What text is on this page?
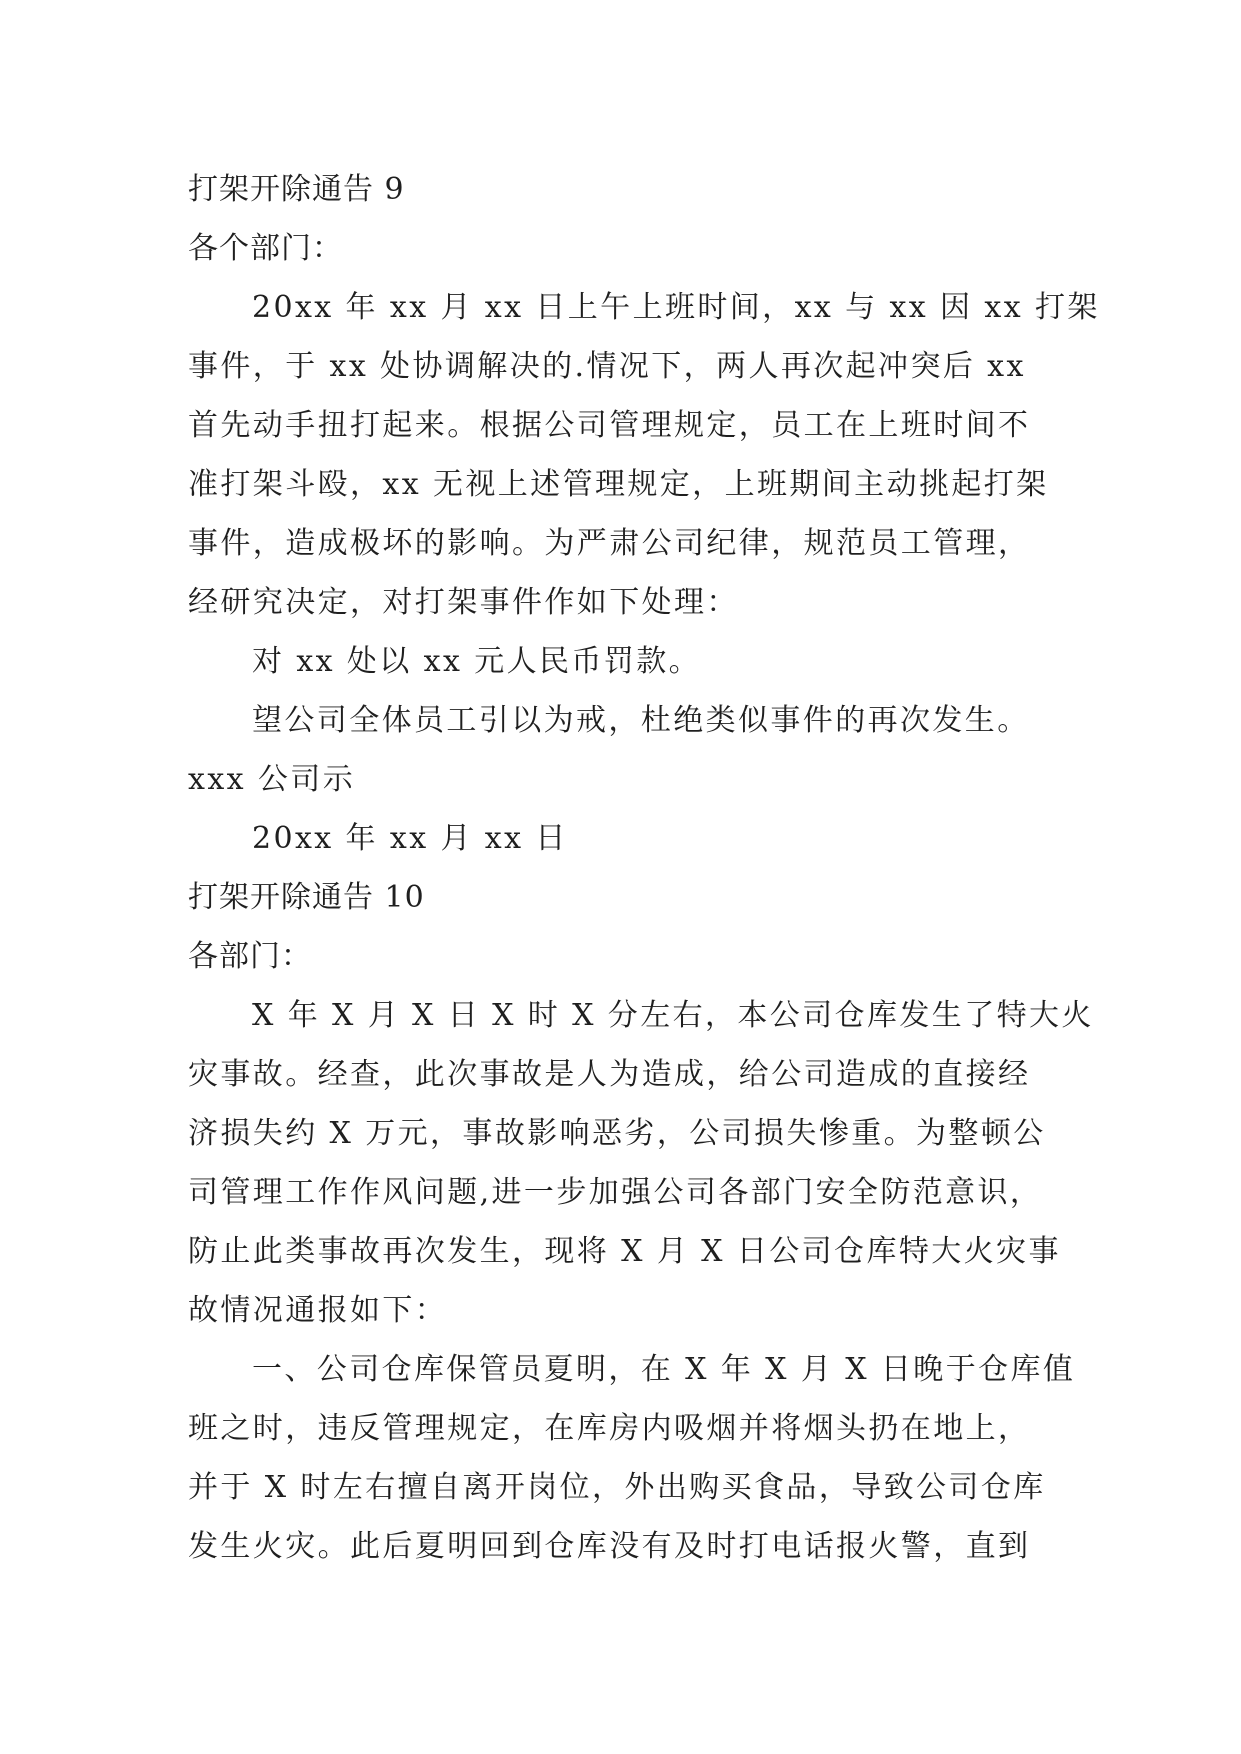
打架开除通告 9
各个部门：
20xx 年 xx 月 xx 日上午上班时间，xx 与 xx 因 xx 打架
事件，于 xx 处协调解决的.情况下，两人再次起冲突后 xx
首先动手扭打起来。根据公司管理规定，员工在上班时间不
准打架斗殴，xx 无视上述管理规定，上班期间主动挑起打架
事件，造成极坏的影响。为严肃公司纪律，规范员工管理，
经研究决定，对打架事件作如下处理：
对 xx 处以 xx 元人民币罚款。
望公司全体员工引以为戒，杜绝类似事件的再次发生。
xxx 公司示
20xx 年 xx 月 xx 日
打架开除通告 10
各部门：
X 年 X 月 X 日 X 时 X 分左右，本公司仓库发生了特大火
灾事故。经查，此次事故是人为造成，给公司造成的直接经
济损失约 X 万元，事故影响恶劣，公司损失惨重。为整顿公
司管理工作作风问题,进一步加强公司各部门安全防范意识，
防止此类事故再次发生，现将 X 月 X 日公司仓库特大火灾事
故情况通报如下：
一、公司仓库保管员夏明，在 X 年 X 月 X 日晚于仓库值
班之时，违反管理规定，在库房内吸烟并将烟头扔在地上，
并于 X 时左右擅自离开岗位，外出购买食品，导致公司仓库
发生火灾。此后夏明回到仓库没有及时打电话报火警，直到
